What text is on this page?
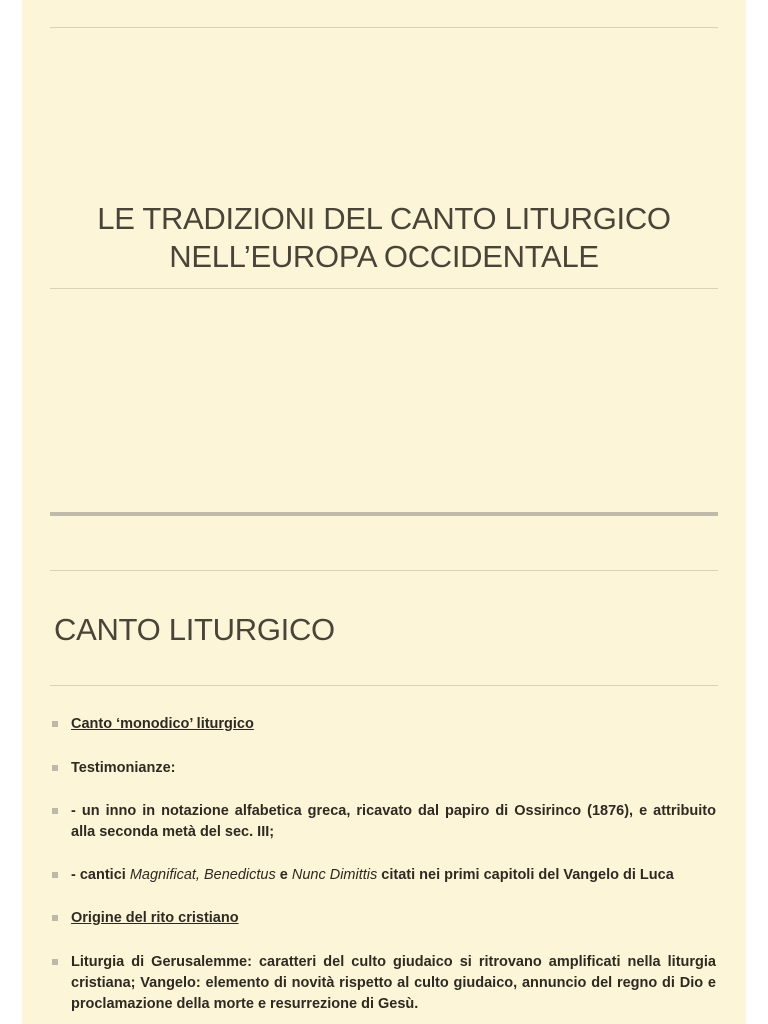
LE TRADIZIONI DEL CANTO LITURGICO
NELL’EUROPA OCCIDENTALE
CANTO LITURGICO
Canto ‘monodico’ liturgico
Testimonianze:
- un inno in notazione alfabetica greca, ricavato dal papiro di Ossirinco (1876), e attribuito alla seconda metà del sec. III;
- cantici Magnificat, Benedictus e Nunc Dimittis citati nei primi capitoli del Vangelo di Luca
Origine del rito cristiano
Liturgia di Gerusalemme: caratteri del culto giudaico si ritrovano amplificati nella liturgia cristiana; Vangelo: elemento di novità rispetto al culto giudaico, annuncio del regno di Dio e proclamazione della morte e resurrezione di Gesù.
